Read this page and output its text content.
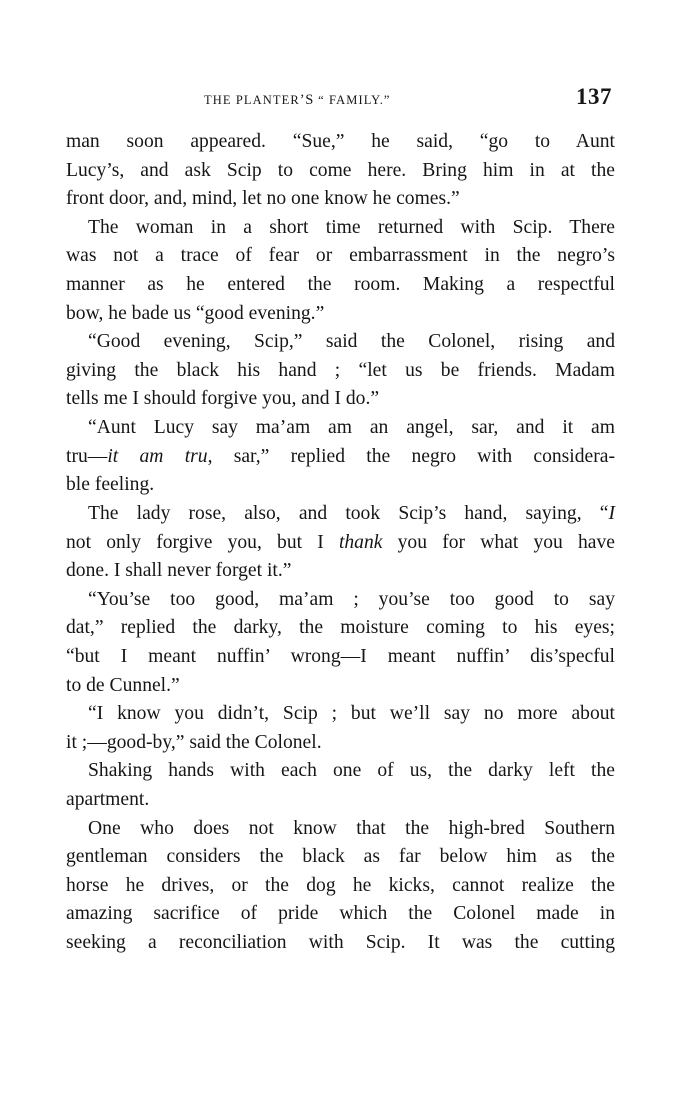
THE PLANTER’S “ FAMILY.”	137
man soon appeared. “Sue,” he said, “go to Aunt
Lucy’s, and ask Scip to come here. Bring him in at the
front door, and, mind, let no one know he comes.”
The woman in a short time returned with Scip. There
was not a trace of fear or embarrassment in the negro’s
manner as he entered the room. Making a respectful
bow, he bade us “good evening.”
“Good evening, Scip,” said the Colonel, rising and
giving the black his hand ; “let us be friends. Madam
tells me I should forgive you, and I do.”
“Aunt Lucy say ma’am am an angel, sar, and it am
tru—it am tru, sar,” replied the negro with considera-
ble feeling.
The lady rose, also, and took Scip’s hand, saying, “I
not only forgive you, but I thank you for what you have
done. I shall never forget it.”
“You’se too good, ma’am ; you’se too good to say
dat,” replied the darky, the moisture coming to his eyes;
“but I meant nuffin’ wrong—I meant nuffin’ dis’specful
to de Cunnel.”
“I know you didn’t, Scip ; but we’ll say no more about
it ;—good-by,” said the Colonel.
Shaking hands with each one of us, the darky left the
apartment.
One who does not know that the high-bred Southern
gentleman considers the black as far below him as the
horse he drives, or the dog he kicks, cannot realize the
amazing sacrifice of pride which the Colonel made in
seeking a reconciliation with Scip. It was the cutting
